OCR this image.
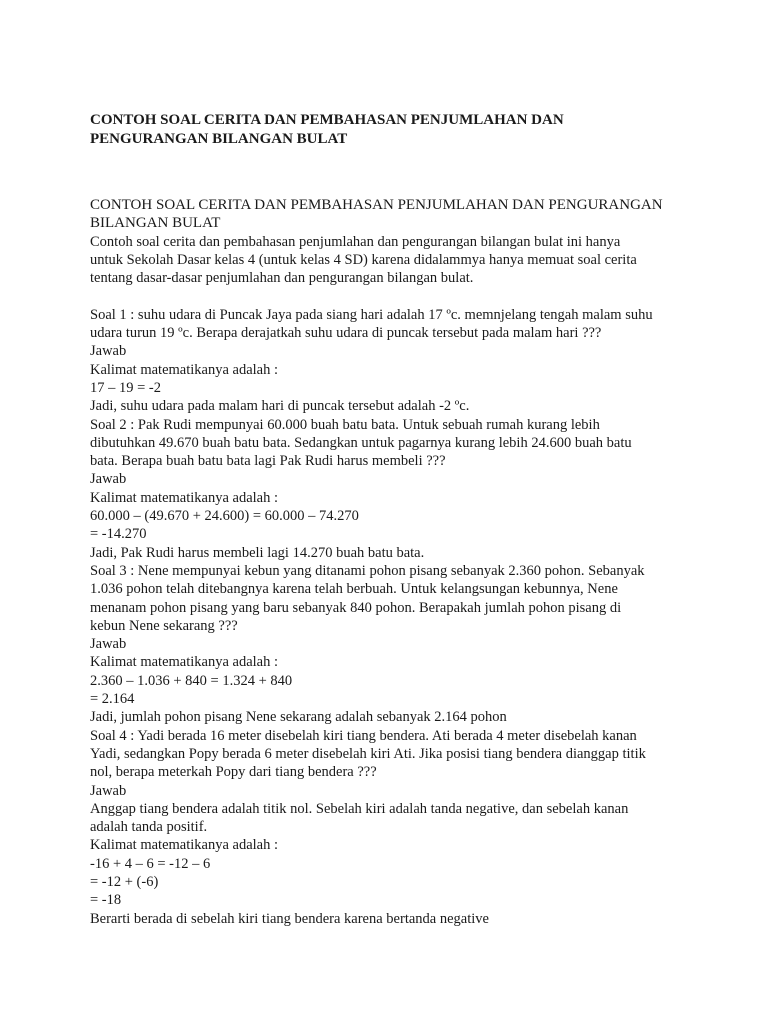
CONTOH SOAL CERITA DAN PEMBAHASAN PENJUMLAHAN DAN
PENGURANGAN BILANGAN BULAT
CONTOH SOAL CERITA DAN PEMBAHASAN PENJUMLAHAN DAN PENGURANGAN
BILANGAN BULAT
Contoh soal cerita dan pembahasan penjumlahan dan pengurangan bilangan bulat ini hanya
untuk Sekolah Dasar kelas 4 (untuk kelas 4 SD) karena didalammya hanya memuat soal cerita
tentang dasar-dasar penjumlahan dan pengurangan bilangan bulat.
Soal 1 : suhu udara di Puncak Jaya pada siang hari adalah 17 ºc. memnjelang tengah malam suhu
udara turun 19 ºc. Berapa derajatkah suhu udara di puncak tersebut pada malam hari ???
Jawab
Kalimat matematikanya adalah :
17 – 19 = -2
Jadi, suhu udara pada malam hari di puncak tersebut adalah -2 ºc.
Soal 2 : Pak Rudi mempunyai 60.000 buah batu bata. Untuk sebuah rumah kurang lebih
dibutuhkan 49.670 buah batu bata. Sedangkan untuk pagarnya kurang lebih 24.600 buah batu
bata. Berapa buah batu bata lagi Pak Rudi harus membeli ???
Jawab
Kalimat matematikanya adalah :
60.000 – (49.670 + 24.600) = 60.000 – 74.270
= -14.270
Jadi, Pak Rudi harus membeli lagi 14.270 buah batu bata.
Soal 3 : Nene mempunyai kebun yang ditanami pohon pisang sebanyak 2.360 pohon. Sebanyak
1.036 pohon telah ditebangnya karena telah berbuah. Untuk kelangsungan kebunnya, Nene
menanam pohon pisang yang baru sebanyak 840 pohon. Berapakah jumlah pohon pisang di
kebun Nene sekarang ???
Jawab
Kalimat matematikanya adalah :
2.360 – 1.036 + 840 = 1.324 + 840
= 2.164
Jadi, jumlah pohon pisang Nene sekarang adalah sebanyak 2.164 pohon
Soal 4 : Yadi berada 16 meter disebelah kiri tiang bendera. Ati berada 4 meter disebelah kanan
Yadi, sedangkan Popy berada 6 meter disebelah kiri Ati. Jika posisi tiang bendera dianggap titik
nol, berapa meterkah Popy dari tiang bendera ???
Jawab
Anggap tiang bendera adalah titik nol. Sebelah kiri adalah tanda negative, dan sebelah kanan
adalah tanda positif.
Kalimat matematikanya adalah :
-16 + 4 – 6 = -12 – 6
= -12 + (-6)
= -18
Berarti berada di sebelah kiri tiang bendera karena bertanda negative
